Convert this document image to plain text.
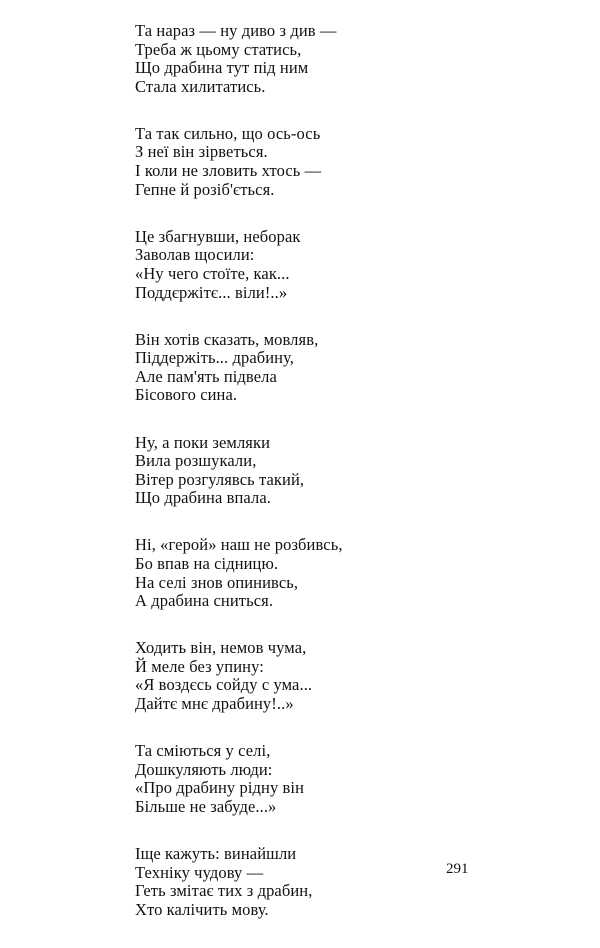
Та нараз — ну диво з див —
Треба ж цьому статись,
Що драбина тут під ним
Стала хилитатись.
Та так сильно, що ось-ось
З неї він зірветься.
І коли не зловить хтось —
Гепне й розіб'ється.
Це збагнувши, неборак
Заволав щосили:
«Ну чего стоїте, как...
Поддєржітє... віли!..»
Він хотів сказать, мовляв,
Піддержіть... драбину,
Але пам'ять підвела
Бісового сина.
Ну, а поки земляки
Вила розшукали,
Вітер розгулявсь такий,
Що драбина впала.
Ні, «герой» наш не розбивсь,
Бо впав на сідницю.
На селі знов опинивсь,
А драбина сниться.
Ходить він, немов чума,
Й меле без упину:
«Я воздєсь сойду с ума...
Дайтє мнє драбину!..»
Та сміються у селі,
Дошкуляють люди:
«Про драбину рідну він
Більше не забуде...»
Іще кажуть: винайшли
Техніку чудову —
Геть змітає тих з драбин,
Хто калічить мову.
291
